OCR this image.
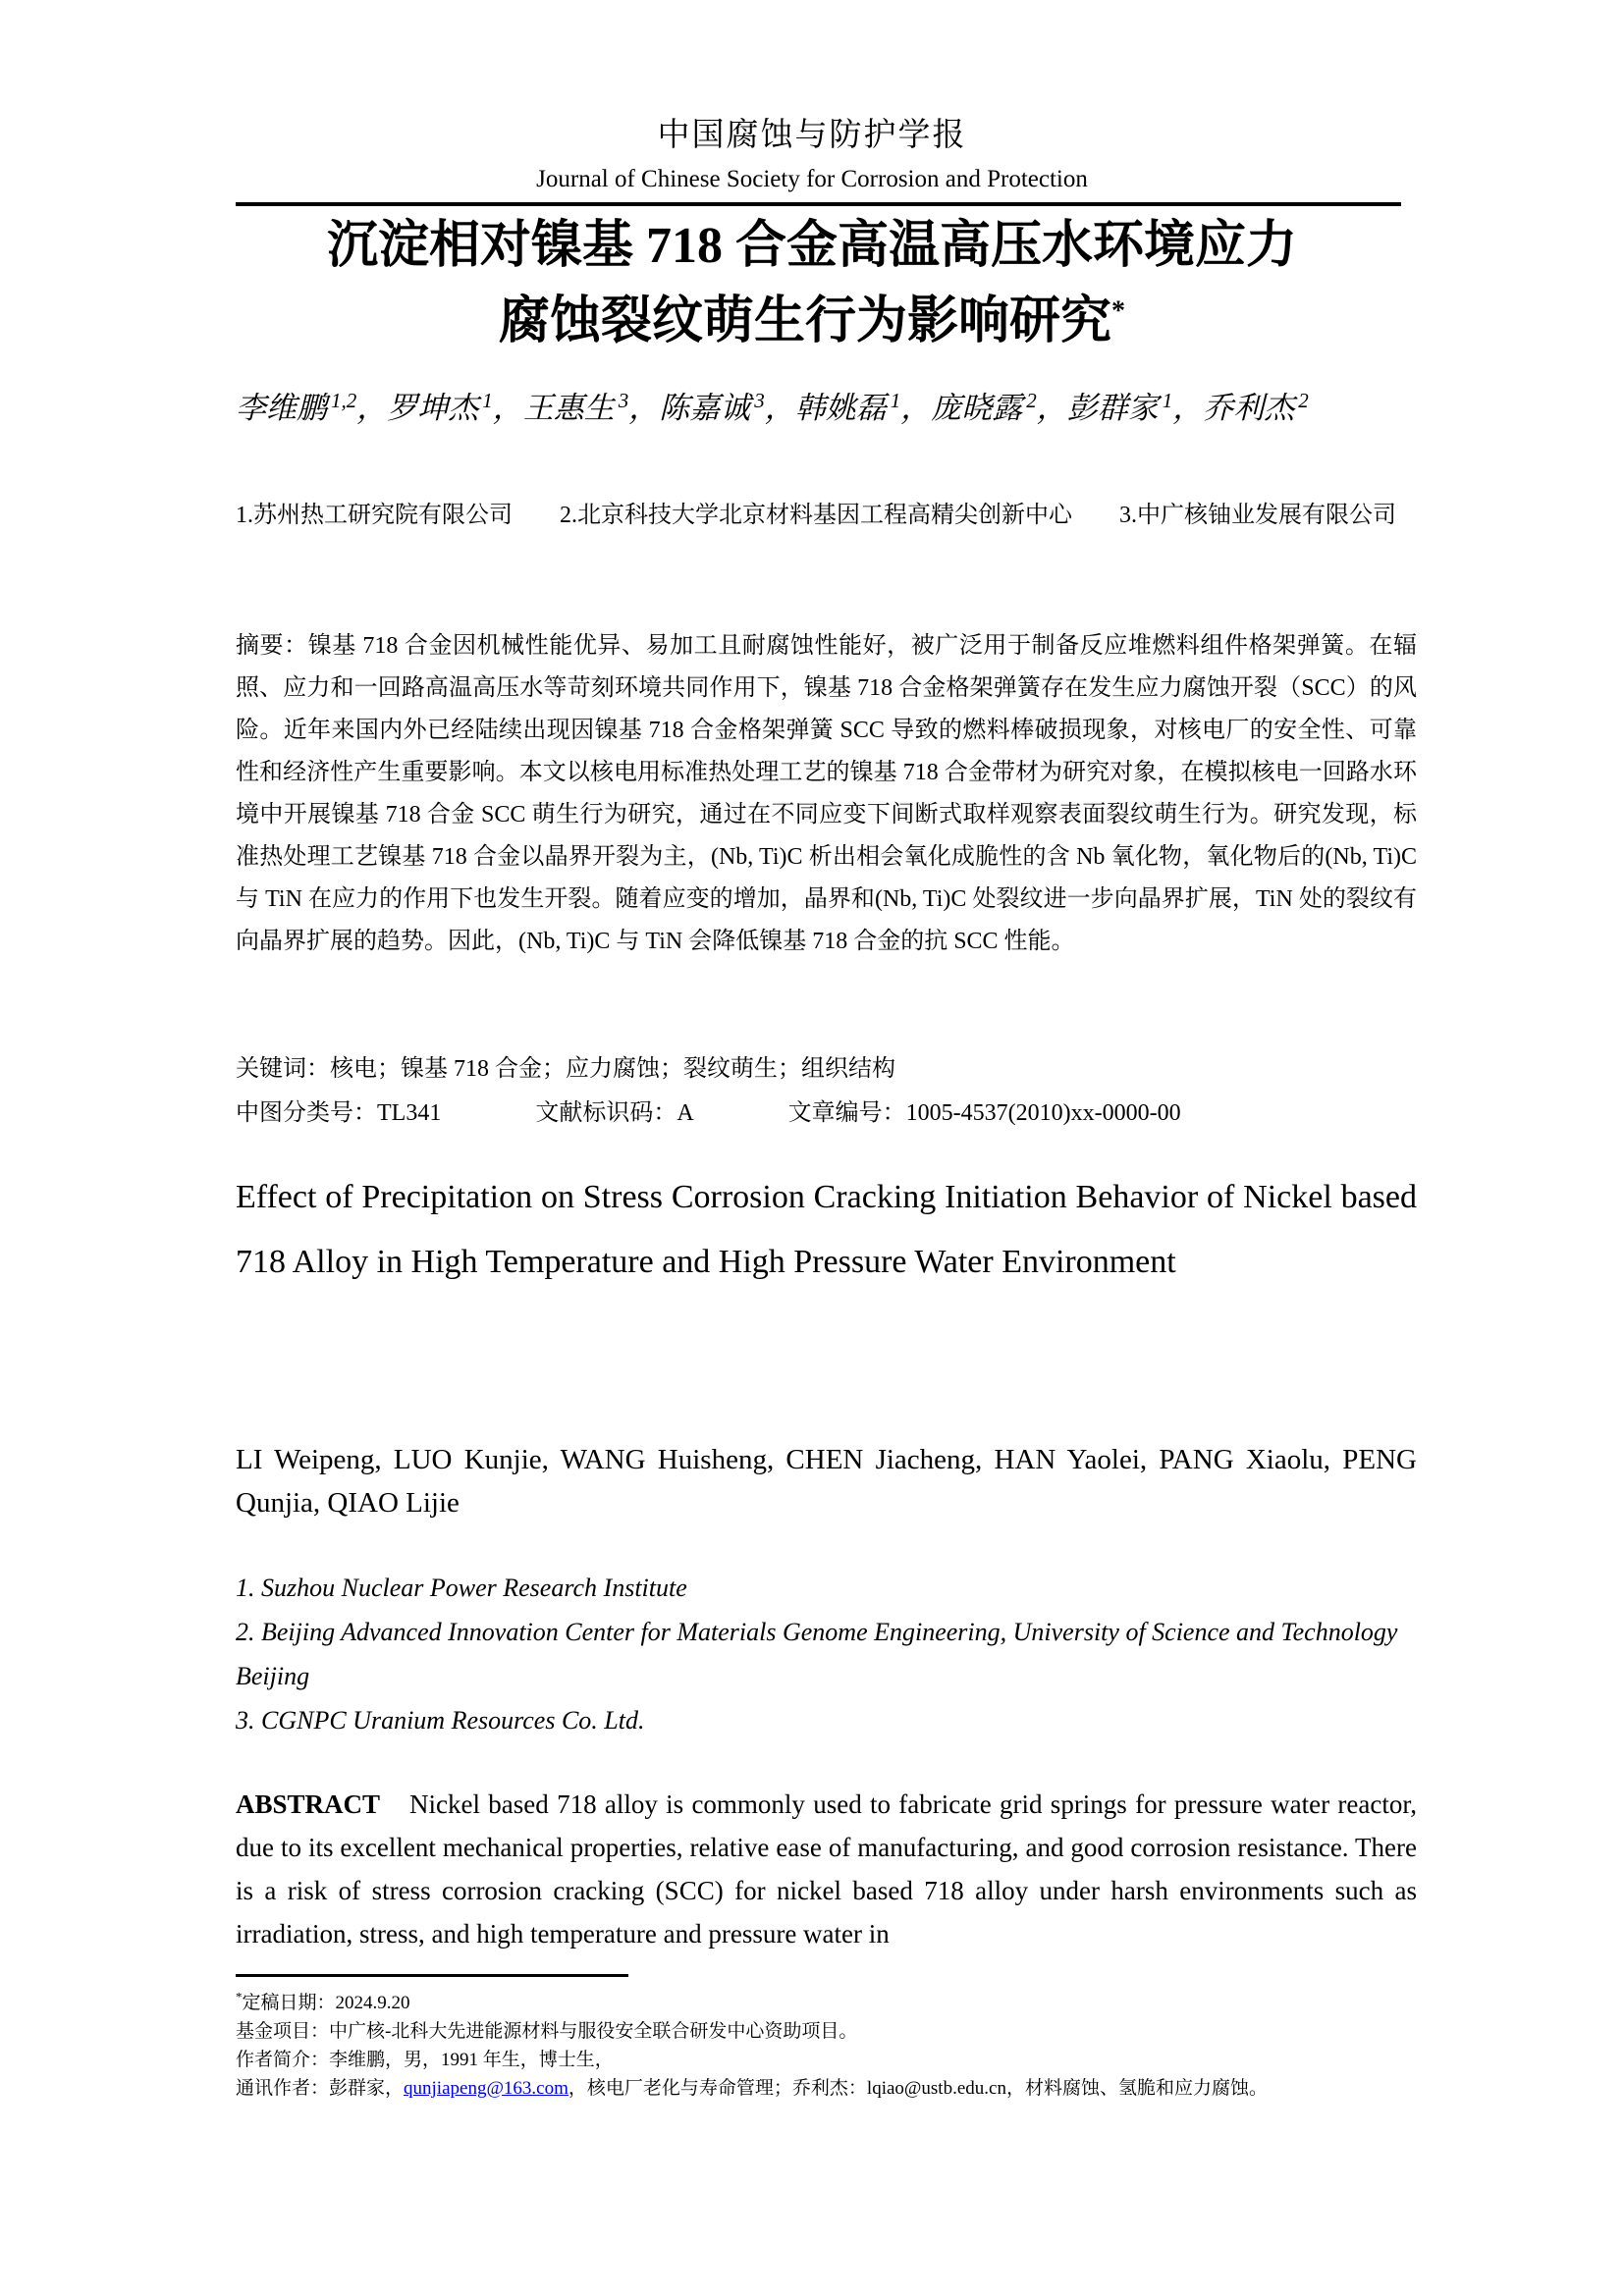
中国腐蚀与防护学报
Journal of Chinese Society for Corrosion and Protection
沉淀相对镍基 718 合金高温高压水环境应力
腐蚀裂纹萌生行为影响研究*
李维鹏 $^{1,2}$，罗坤杰 $^1$，王惠生 $^3$，陈嘉诚 $^3$，韩姚磊 $^1$，庞晓露 $^2$，彭群家 $^1$，乔利杰 $^2$
1.苏州热工研究院有限公司　　2.北京科技大学北京材料基因工程高精尖创新中心　　3.中广核铀业发展有限公司

摘要：镍基 718 合金因机械性能优异、易加工且耐腐蚀性能好，被广泛用于制备反应堆燃料组件格架弹簧。在辐照、应力和一回路高温高压水等苛刻环境共同作用下，镍基 718 合金格架弹簧存在发生应力腐蚀开裂（SCC）的风险。近年来国内外已经陆续出现因镍基 718 合金格架弹簧 SCC 导致的燃料棒破损现象，对核电厂的安全性、可靠性和经济性产生重要影响。本文以核电用标准热处理工艺的镍基 718 合金带材为研究对象，在模拟核电一回路水环境中开展镍基 718 合金 SCC 萌生行为研究，通过在不同应变下间断式取样观察表面裂纹萌生行为。研究发现，标准热处理工艺镍基 718 合金以晶界开裂为主，(Nb, Ti)C 析出相会氧化成脆性的含 Nb 氧化物，氧化物后的(Nb, Ti)C 与 TiN 在应力的作用下也发生开裂。随着应变的增加，晶界和(Nb, Ti)C 处裂纹进一步向晶界扩展，TiN 处的裂纹有向晶界扩展的趋势。因此，(Nb, Ti)C 与 TiN 会降低镍基 718 合金的抗 SCC 性能。

关键词：核电；镍基 718 合金；应力腐蚀；裂纹萌生；组织结构

中图分类号：TL341	文献标识码：A	文章编号：1005-4537(2010)xx-0000-00

Effect of Precipitation on Stress Corrosion Cracking Initiation Behavior of Nickel based 718 Alloy in High Temperature and High Pressure Water Environment

LI Weipeng, LUO Kunjie, WANG Huisheng, CHEN Jiacheng, HAN Yaolei, PANG Xiaolu, PENG Qunjia, QIAO Lijie

1. Suzhou Nuclear Power Research Institute
2. Beijing Advanced Innovation Center for Materials Genome Engineering, University of Science and Technology Beijing
3. CGNPC Uranium Resources Co. Ltd.

ABSTRACT Nickel based 718 alloy is commonly used to fabricate grid springs for pressure water reactor, due to its excellent mechanical properties, relative ease of manufacturing, and good corrosion resistance. There is a risk of stress corrosion cracking (SCC) for nickel based 718 alloy under harsh environments such as irradiation, stress, and high temperature and pressure water in

*定稿日期：2024.9.20
基金项目：中广核-北科大先进能源材料与服役安全联合研发中心资助项目。
作者简介：李维鹏，男，1991 年生，博士生，
通讯作者：彭群家，qunjiapeng@163.com，核电厂老化与寿命管理；乔利杰：lqiao@ustb.edu.cn，材料腐蚀、氢脆和应力腐蚀。
